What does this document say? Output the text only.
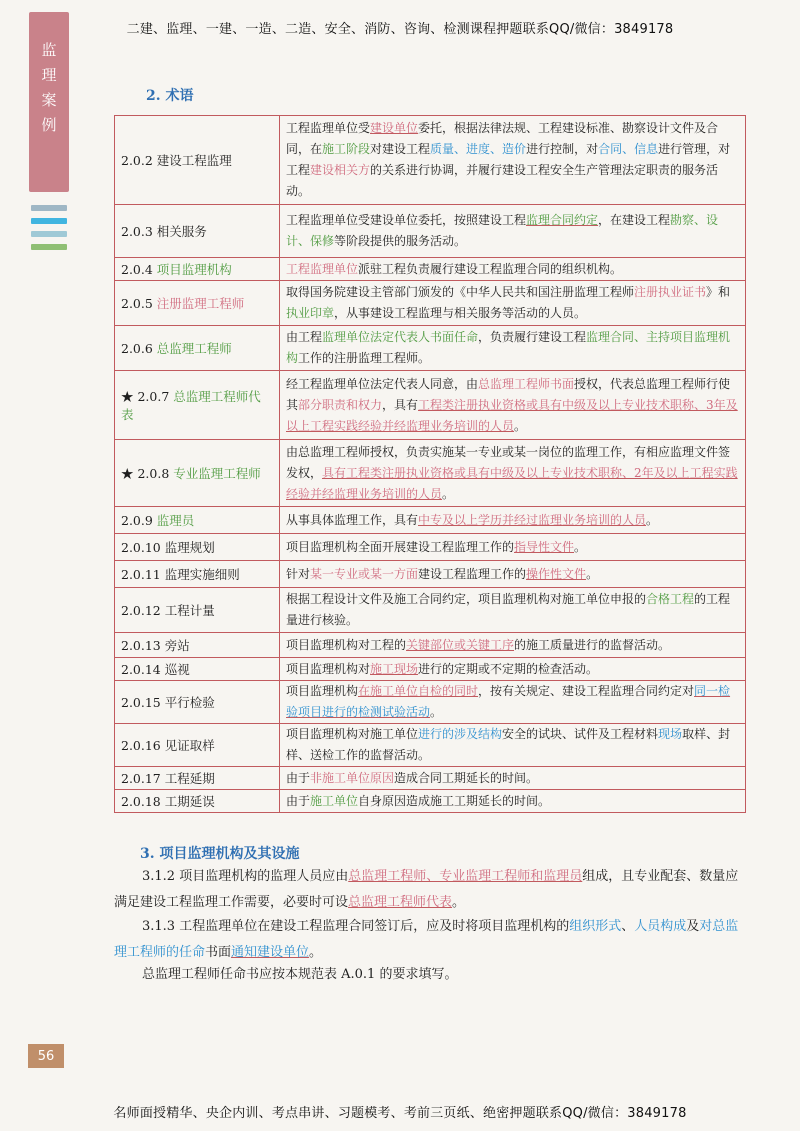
二建、监理、一建、一造、二造、安全、消防、咨询、检测课程押题联系QQ/微信：3849178
监
理
案
例
2. 术语
2.0.2 建设工程监理	工程监理单位受建设单位委托，根据法律法规、工程建设标准、勘察设计文件及合同，在施工阶段对建设工程质量、进度、造价进行控制，对合同、信息进行管理，对工程建设相关方的关系进行协调，并履行建设工程安全生产管理法定职责的服务活动。
2.0.3 相关服务	工程监理单位受建设单位委托，按照建设工程监理合同约定，在建设工程勘察、设计、保修等阶段提供的服务活动。
2.0.4 项目监理机构	工程监理单位派驻工程负责履行建设工程监理合同的组织机构。
2.0.5 注册监理工程师	取得国务院建设主管部门颁发的《中华人民共和国注册监理工程师注册执业证书》和执业印章，从事建设工程监理与相关服务等活动的人员。
2.0.6 总监理工程师	由工程监理单位法定代表人书面任命，负责履行建设工程监理合同、主持项目监理机构工作的注册监理工程师。
★ 2.0.7 总监理工程师代表	经工程监理单位法定代表人同意，由总监理工程师书面授权，代表总监理工程师行使其部分职责和权力，具有工程类注册执业资格或具有中级及以上专业技术职称、3年及以上工程实践经验并经监理业务培训的人员。
★ 2.0.8 专业监理工程师	由总监理工程师授权，负责实施某一专业或某一岗位的监理工作，有相应监理文件签发权，具有工程类注册执业资格或具有中级及以上专业技术职称、2年及以上工程实践经验并经监理业务培训的人员。
2.0.9 监理员	从事具体监理工作，具有中专及以上学历并经过监理业务培训的人员。
2.0.10 监理规划	项目监理机构全面开展建设工程监理工作的指导性文件。
2.0.11 监理实施细则	针对某一专业或某一方面建设工程监理工作的操作性文件。
2.0.12 工程计量	根据工程设计文件及施工合同约定，项目监理机构对施工单位申报的合格工程的工程量进行核验。
2.0.13 旁站	项目监理机构对工程的关键部位或关键工序的施工质量进行的监督活动。
2.0.14 巡视	项目监理机构对施工现场进行的定期或不定期的检查活动。
2.0.15 平行检验	项目监理机构在施工单位自检的同时，按有关规定、建设工程监理合同约定对同一检验项目进行的检测试验活动。
2.0.16 见证取样	项目监理机构对施工单位进行的涉及结构安全的试块、试件及工程材料现场取样、封样、送检工作的监督活动。
2.0.17 工程延期	由于非施工单位原因造成合同工期延长的时间。
2.0.18 工期延误	由于施工单位自身原因造成施工工期延长的时间。
3. 项目监理机构及其设施

3.1.2 项目监理机构的监理人员应由总监理工程师、专业监理工程师和监理员组成，且专业配套、数量应满足建设工程监理工作需要，必要时可设总监理工程师代表。

3.1.3 工程监理单位在建设工程监理合同签订后，应及时将项目监理机构的组织形式、人员构成及对总监理工程师的任命书面通知建设单位。

总监理工程师任命书应按本规范表 A.0.1 的要求填写。

56
名师面授精华、央企内训、考点串讲、习题模考、考前三页纸、绝密押题联系QQ/微信：3849178
